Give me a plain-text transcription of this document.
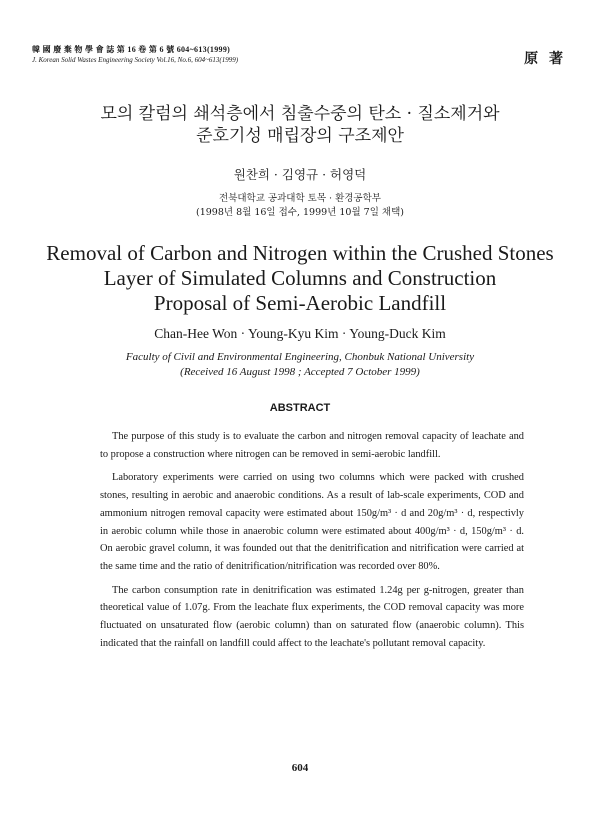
韓 國 廢 棄 物 學 會 誌 第 16 卷 第 6 號 604~613(1999)
J. Korean Solid Wastes Engineering Society Vol.16, No.6, 604~613(1999)	原 著
모의 칼럼의 쇄석층에서 침출수중의 탄소 · 질소제거와
준호기성 매립장의 구조제안
원찬희 · 김영규 · 허영덕
전북대학교 공과대학 토목 · 환경공학부
(1998년 8월 16일 접수, 1999년 10월 7일 채택)
Removal of Carbon and Nitrogen within the Crushed Stones
Layer of Simulated Columns and Construction
Proposal of Semi-Aerobic Landfill
Chan-Hee Won · Young-Kyu Kim · Young-Duck Kim
Faculty of Civil and Environmental Engineering, Chonbuk National University
(Received 16 August 1998 ; Accepted 7 October 1999)
ABSTRACT

The purpose of this study is to evaluate the carbon and nitrogen removal capacity of leachate and to propose a construction where nitrogen can be removed in semi-aerobic landfill.

Laboratory experiments were carried on using two columns which were packed with crushed stones, resulting in aerobic and anaerobic conditions. As a result of lab-scale experiments, COD and ammonium nitrogen removal capacity were estimated about 150g/m³ · d and 20g/m³ · d, respectivly in aerobic column while those in anaerobic column were estimated about 400g/m³ · d, 150g/m³ · d. On aerobic gravel column, it was founded out that the denitrification and nitrification were carried at the same time and the ratio of denitrification/nitrification was recorded over 80%.

The carbon consumption rate in denitrification was estimated 1.24g per g-nitrogen, greater than theoretical value of 1.07g. From the leachate flux experiments, the COD removal capacity was more fluctuated on unsaturated flow (aerobic column) than on saturated flow (anaerobic column). This indicated that the rainfall on landfill could affect to the leachate's pollutant removal capacity.

604
